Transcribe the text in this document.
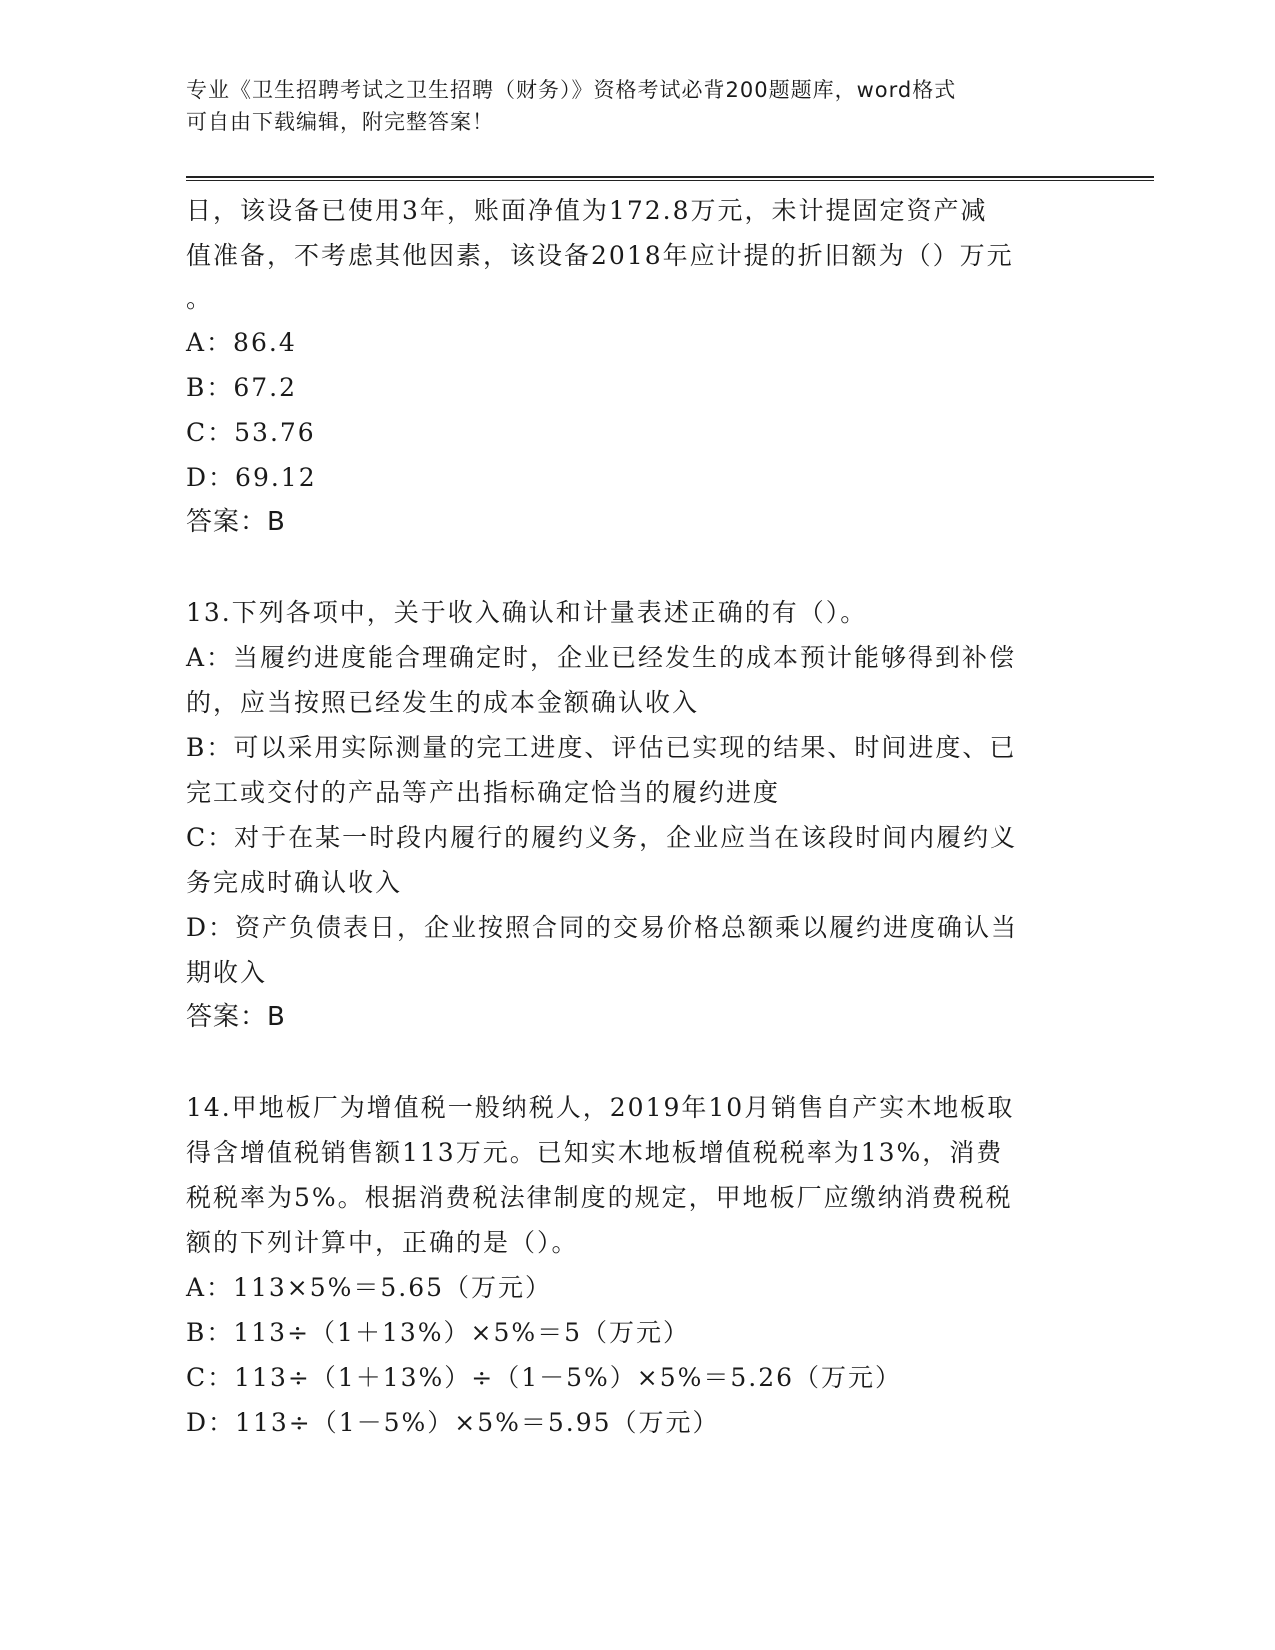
专业《卫生招聘考试之卫生招聘（财务）》资格考试必背200题题库，word格式
可自由下载编辑，附完整答案！
日，该设备已使用3年，账面净值为172.8万元，未计提固定资产减
值准备，不考虑其他因素，该设备2018年应计提的折旧额为（）万元
。
A：86.4
B：67.2
C：53.76
D：69.12
答案：B
13.下列各项中，关于收入确认和计量表述正确的有（）。
A：当履约进度能合理确定时，企业已经发生的成本预计能够得到补偿
的，应当按照已经发生的成本金额确认收入
B：可以采用实际测量的完工进度、评估已实现的结果、时间进度、已
完工或交付的产品等产出指标确定恰当的履约进度
C：对于在某一时段内履行的履约义务，企业应当在该段时间内履约义
务完成时确认收入
D：资产负债表日，企业按照合同的交易价格总额乘以履约进度确认当
期收入
答案：B
14.甲地板厂为增值税一般纳税人，2019年10月销售自产实木地板取
得含增值税销售额113万元。已知实木地板增值税税率为13%，消费
税税率为5%。根据消费税法律制度的规定，甲地板厂应缴纳消费税税
额的下列计算中，正确的是（）。
A：113×5%＝5.65（万元）
B：113÷（1＋13%）×5%＝5（万元）
C：113÷（1＋13%）÷（1－5%）×5%＝5.26（万元）
D：113÷（1－5%）×5%＝5.95（万元）
